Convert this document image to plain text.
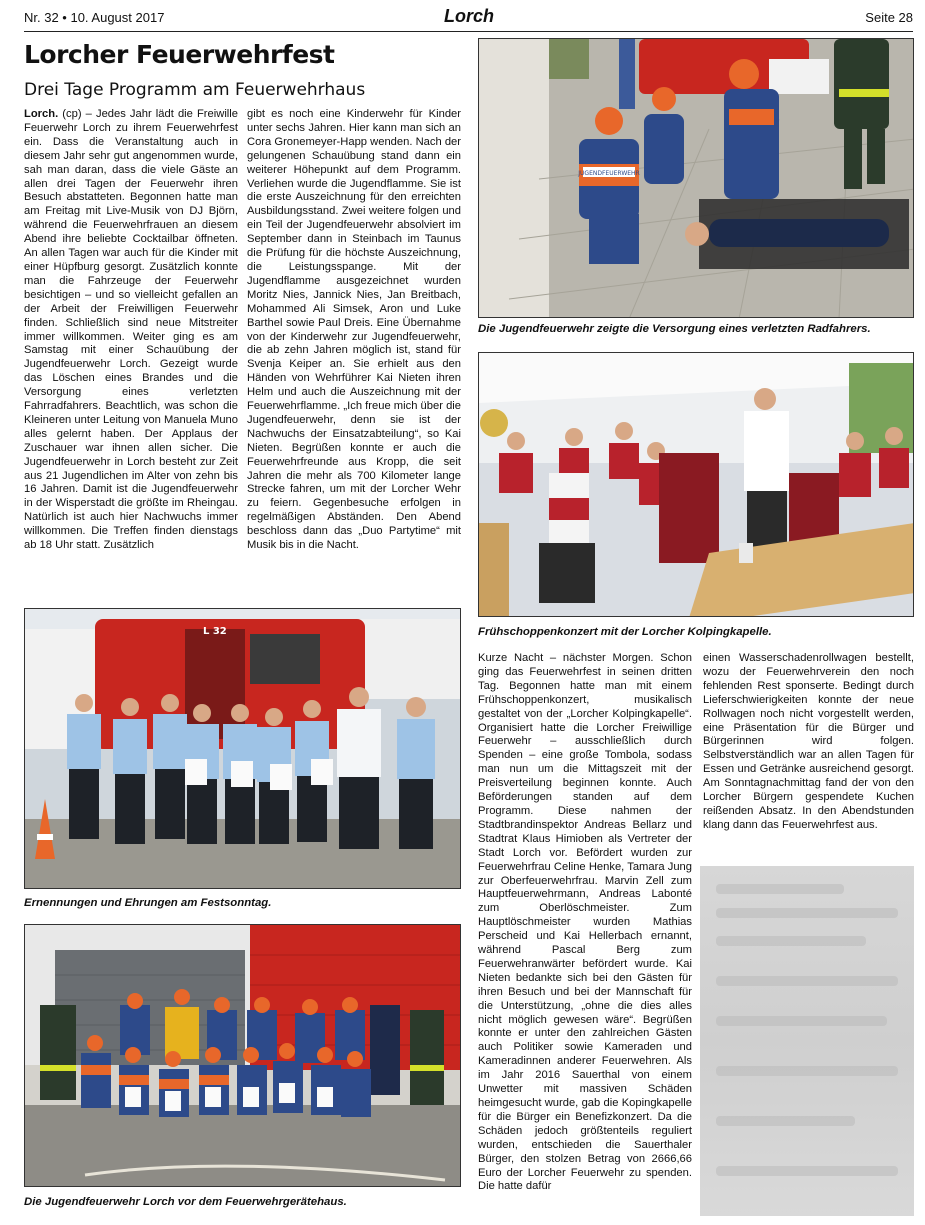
Nr. 32 • 10. August 2017	Lorch	Seite 28
Lorcher Feuerwehrfest
Drei Tage Programm am Feuerwehrhaus

Lorch. (cp) – Jedes Jahr lädt die Freiwille Feuerwehr Lorch zu ihrem Feuerwehrfest ein. Dass die Veranstaltung auch in diesem Jahr sehr gut angenommen wurde, sah man daran, dass die viele Gäste an allen drei Tagen der Feuerwehr ihren Besuch abstatteten. Begonnen hatte man am Freitag mit Live-Musik von DJ Björn, während die Feuerwehrfrauen an diesem Abend ihre beliebte Cocktailbar öffneten. An allen Tagen war auch für die Kinder mit einer Hüpfburg gesorgt. Zusätzlich konnte man die Fahrzeuge der Feuerwehr besichtigen – und so vielleicht gefallen an der Arbeit der Freiwilligen Feuerwehr finden. Schließlich sind neue Mitstreiter immer willkommen. Weiter ging es am Samstag mit einer Schauübung der Jugendfeuerwehr Lorch. Gezeigt wurde das Löschen eines Brandes und die Versorgung eines verletzten Fahrradfahrers. Beachtlich, was schon die Kleineren unter Leitung von Manuela Muno alles gelernt haben. Der Applaus der Zuschauer war ihnen allen sicher. Die Jugendfeuerwehr in Lorch besteht zur Zeit aus 21 Jugendlichen im Alter von zehn bis 16 Jahren. Damit ist die Jugendfeuerwehr in der Wisperstadt die größte im Rheingau. Natürlich ist auch hier Nachwuchs immer willkommen. Die Treffen finden dienstags ab 18 Uhr statt. Zusätzlich

gibt es noch eine Kinderwehr für Kinder unter sechs Jahren. Hier kann man sich an Cora Gronemeyer-Happ wenden. Nach der gelungenen Schauübung stand dann ein weiterer Höhepunkt auf dem Programm. Verliehen wurde die Jugendflamme. Sie ist die erste Auszeichnung für den erreichten Ausbildungsstand. Zwei weitere folgen und ein Teil der Jugendfeuerwehr absolviert im September dann in Steinbach im Taunus die Prüfung für die höchste Auszeichnung, die Leistungsspange. Mit der Jugendflamme ausgezeichnet wurden Moritz Nies, Jannick Nies, Jan Breitbach, Mohammed Ali Simsek, Aron und Luke Barthel sowie Paul Dreis. Eine Übernahme von der Kinderwehr zur Jugendfeuerwehr, die ab zehn Jahren möglich ist, stand für Svenja Keiper an. Sie erhielt aus den Händen von Wehrführer Kai Nieten ihren Helm und auch die Auszeichnung mit der Feuerwehrflamme. „Ich freue mich über die Jugendfeuerwehr, denn sie ist der Nachwuchs der Einsatzabteilung“, so Kai Nieten. Begrüßen konnte er auch die Feuerwehrfreunde aus Kropp, die seit Jahren die mehr als 700 Kilometer lange Strecke fahren, um mit der Lorcher Wehr zu feiern. Gegenbesuche erfolgen in regelmäßigen Abständen. Den Abend beschloss dann das „Duo Partytime“ mit Musik bis in die Nacht.

JUGENDFEUERWEHR
Die Jugendfeuerwehr zeigte die Versorgung eines verletzten Radfahrers.
Frühschoppenkonzert mit der Lorcher Kolpingkapelle.
L 32
Ernennungen und Ehrungen am Festsonntag.
Die Jugendfeuerwehr Lorch vor dem Feuerwehrgerätehaus.

Kurze Nacht – nächster Morgen. Schon ging das Feuerwehrfest in seinen dritten Tag. Begonnen hatte man mit einem Frühschoppenkonzert, musikalisch gestaltet von der „Lorcher Kolpingkapelle“. Organisiert hatte die Lorcher Freiwillige Feuerwehr – ausschließlich durch Spenden – eine große Tombola, sodass man nun um die Mittagszeit mit der Preisverteilung beginnen konnte. Auch Beförderungen standen auf dem Programm. Diese nahmen der Stadtbrandinspektor Andreas Bellarz und Stadtrat Klaus Himioben als Vertreter der Stadt Lorch vor. Befördert wurden zur Feuerwehrfrau Celine Henke, Tamara Jung zur Oberfeuerwehrfrau. Marvin Zell zum Hauptfeuerwehrmann, Andreas Labonté zum Oberlöschmeister. Zum Hauptlöschmeister wurden Mathias Perscheid und Kai Hellerbach ernannt, während Pascal Berg zum Feuerwehranwärter befördert wurde. Kai Nieten bedankte sich bei den Gästen für ihren Besuch und bei der Mannschaft für die Unterstützung, „ohne die dies alles nicht möglich gewesen wäre“. Begrüßen konnte er unter den zahlreichen Gästen auch Politiker sowie Kameraden und Kameradinnen anderer Feuerwehren. Als im Jahr 2016 Sauerthal von einem Unwetter mit massiven Schäden heimgesucht wurde, gab die Kopingkapelle für die Bürger ein Benefizkonzert. Da die Schäden jedoch größtenteils reguliert wurden, entschieden die Sauerthaler Bürger, den stolzen Betrag von 2666,66 Euro der Lorcher Feuerwehr zu spenden. Die hatte dafür

einen Wasserschadenrollwagen bestellt, wozu der Feuerwehrverein den noch fehlenden Rest sponserte. Bedingt durch Lieferschwierigkeiten konnte der neue Rollwagen noch nicht vorgestellt werden, eine Präsentation für die Bürger und Bürgerinnen wird folgen. Selbstverständlich war an allen Tagen für Essen und Getränke ausreichend gesorgt. Am Sonntagnachmittag fand der von den Lorcher Bürgern gespendete Kuchen reißenden Absatz. In den Abendstunden klang dann das Feuerwehrfest aus.
